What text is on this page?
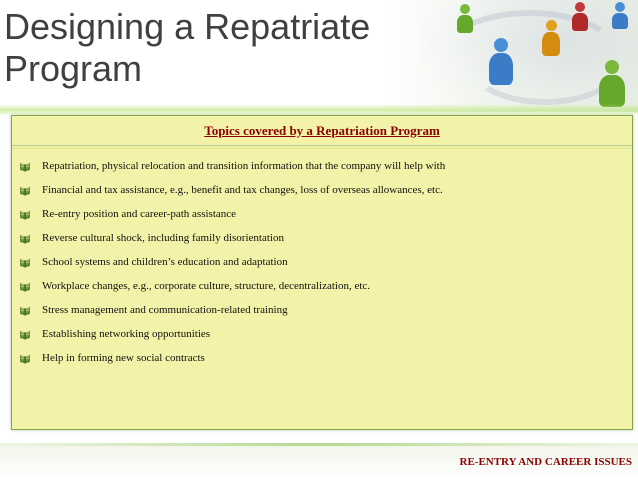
Designing a Repatriate Program
Topics covered by a Repatriation Program
Repatriation, physical relocation and transition information that the company will help with
Financial and tax assistance, e.g., benefit and tax changes, loss of overseas allowances, etc.
Re-entry position and career-path assistance
Reverse cultural shock, including family disorientation
School systems and children’s education and adaptation
Workplace changes, e.g., corporate culture, structure, decentralization, etc.
Stress management and communication-related training
Establishing networking opportunities
Help in forming new social contracts
RE-ENTRY AND CAREER ISSUES
